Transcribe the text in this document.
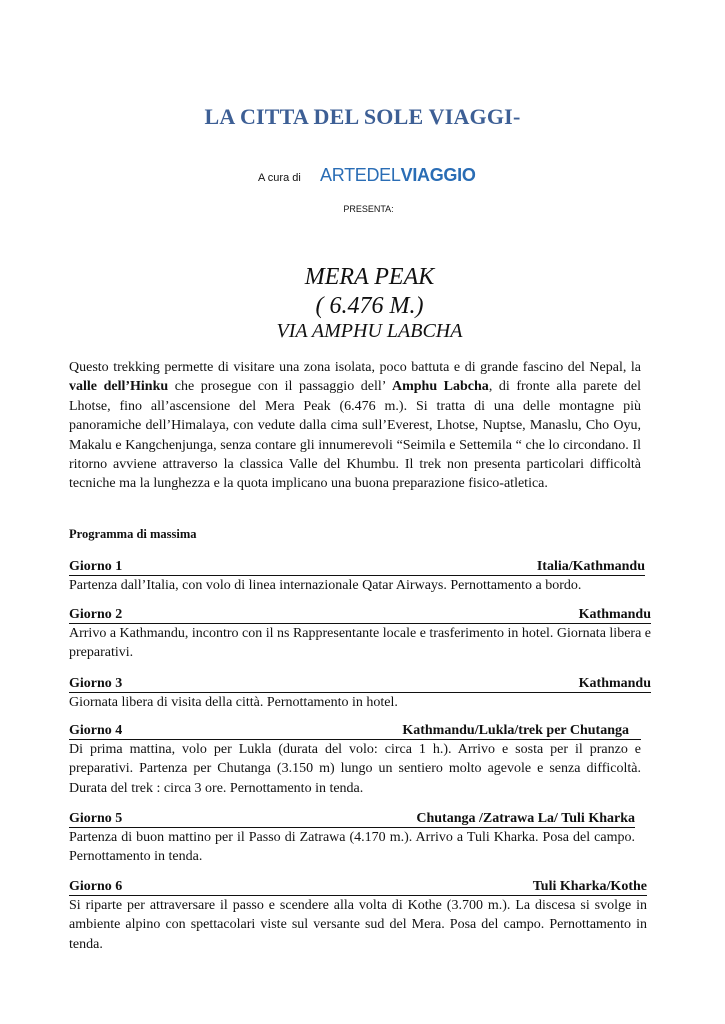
LA CITTA DEL SOLE VIAGGI-
A cura di ARTEDELVIAGGIO
PRESENTA:
MERA PEAK
( 6.476 M.)
VIA AMPHU LABCHA
Questo trekking permette di visitare una zona isolata, poco battuta e di grande fascino del Nepal, la valle dell’Hinku che prosegue con il passaggio dell’ Amphu Labcha, di fronte alla parete del Lhotse, fino all’ascensione del Mera Peak (6.476 m.). Si tratta di una delle montagne più panoramiche dell’Himalaya, con vedute dalla cima sull’Everest, Lhotse, Nuptse, Manaslu, Cho Oyu, Makalu e Kangchenjunga, senza contare gli innumerevoli “Seimila e Settemila “ che lo circondano. Il ritorno avviene attraverso la classica Valle del Khumbu. Il trek non presenta particolari difficoltà tecniche ma la lunghezza e la quota implicano una buona preparazione fisico-atletica.
Programma di massima
Giorno 1	Italia/Kathmandu
Partenza dall’Italia, con volo di linea internazionale Qatar Airways. Pernottamento a bordo.
Giorno 2	Kathmandu
Arrivo a Kathmandu, incontro con il ns Rappresentante locale e trasferimento in hotel. Giornata libera e preparativi.
Giorno 3	Kathmandu
Giornata libera di visita della città. Pernottamento in hotel.
Giorno 4	Kathmandu/Lukla/trek per Chutanga
Di prima mattina, volo per Lukla (durata del volo: circa 1 h.). Arrivo e sosta per il pranzo e preparativi. Partenza per Chutanga (3.150 m) lungo un sentiero molto agevole e senza difficoltà. Durata del trek : circa 3 ore. Pernottamento in tenda.
Giorno 5	Chutanga /Zatrawa La/ Tuli Kharka
Partenza di buon mattino per il Passo di Zatrawa (4.170 m.). Arrivo a Tuli Kharka. Posa del campo. Pernottamento in tenda.
Giorno 6	Tuli Kharka/Kothe
Si riparte per attraversare il passo e scendere alla volta di Kothe (3.700 m.). La discesa si svolge in ambiente alpino con spettacolari viste sul versante sud del Mera. Posa del campo. Pernottamento in tenda.
